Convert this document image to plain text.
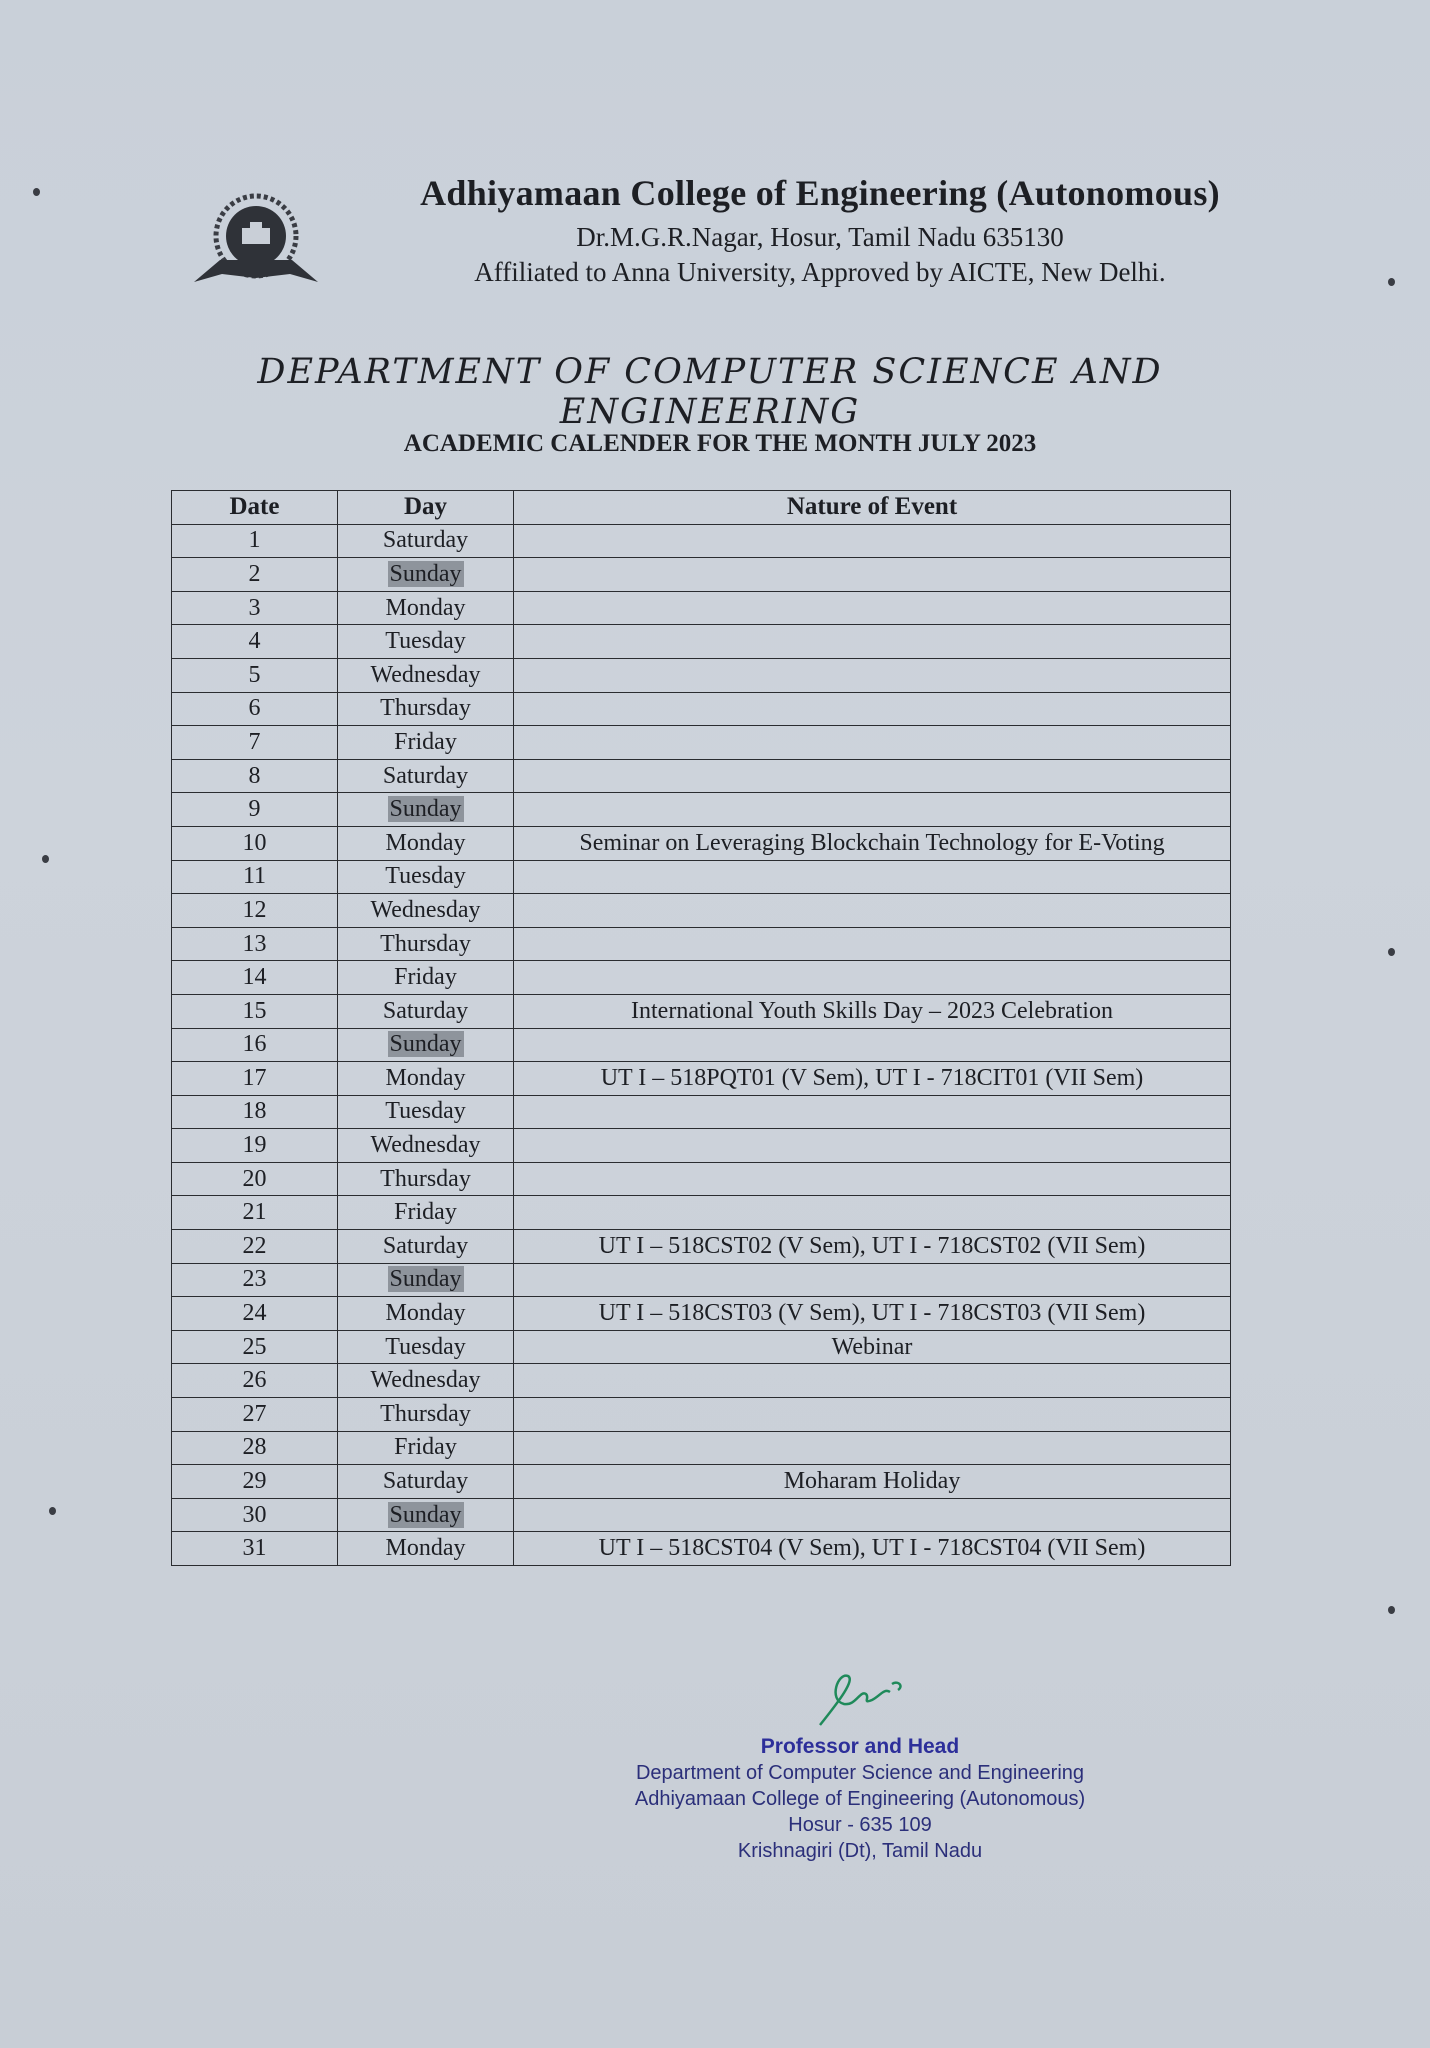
Adhiyamaan College of Engineering (Autonomous)
Dr.M.G.R.Nagar, Hosur, Tamil Nadu 635130
Affiliated to Anna University, Approved by AICTE, New Delhi.
DEPARTMENT OF COMPUTER SCIENCE AND ENGINEERING
ACADEMIC CALENDER FOR THE MONTH JULY 2023
Date	Day	Nature of Event
1	Saturday	
2	Sunday	
3	Monday	
4	Tuesday	
5	Wednesday	
6	Thursday	
7	Friday	
8	Saturday	
9	Sunday	
10	Monday	Seminar on Leveraging Blockchain Technology for E-Voting
11	Tuesday	
12	Wednesday	
13	Thursday	
14	Friday	
15	Saturday	International Youth Skills Day – 2023 Celebration
16	Sunday	
17	Monday	UT I – 518PQT01 (V Sem), UT I - 718CIT01 (VII Sem)
18	Tuesday	
19	Wednesday	
20	Thursday	
21	Friday	
22	Saturday	UT I – 518CST02 (V Sem), UT I - 718CST02 (VII Sem)
23	Sunday	
24	Monday	UT I – 518CST03 (V Sem), UT I - 718CST03 (VII Sem)
25	Tuesday	Webinar
26	Wednesday	
27	Thursday	
28	Friday	
29	Saturday	Moharam Holiday
30	Sunday	
31	Monday	UT I – 518CST04 (V Sem), UT I - 718CST04 (VII Sem)
Professor and Head
Department of Computer Science and Engineering
Adhiyamaan College of Engineering (Autonomous)
Hosur - 635 109
Krishnagiri (Dt), Tamil Nadu
